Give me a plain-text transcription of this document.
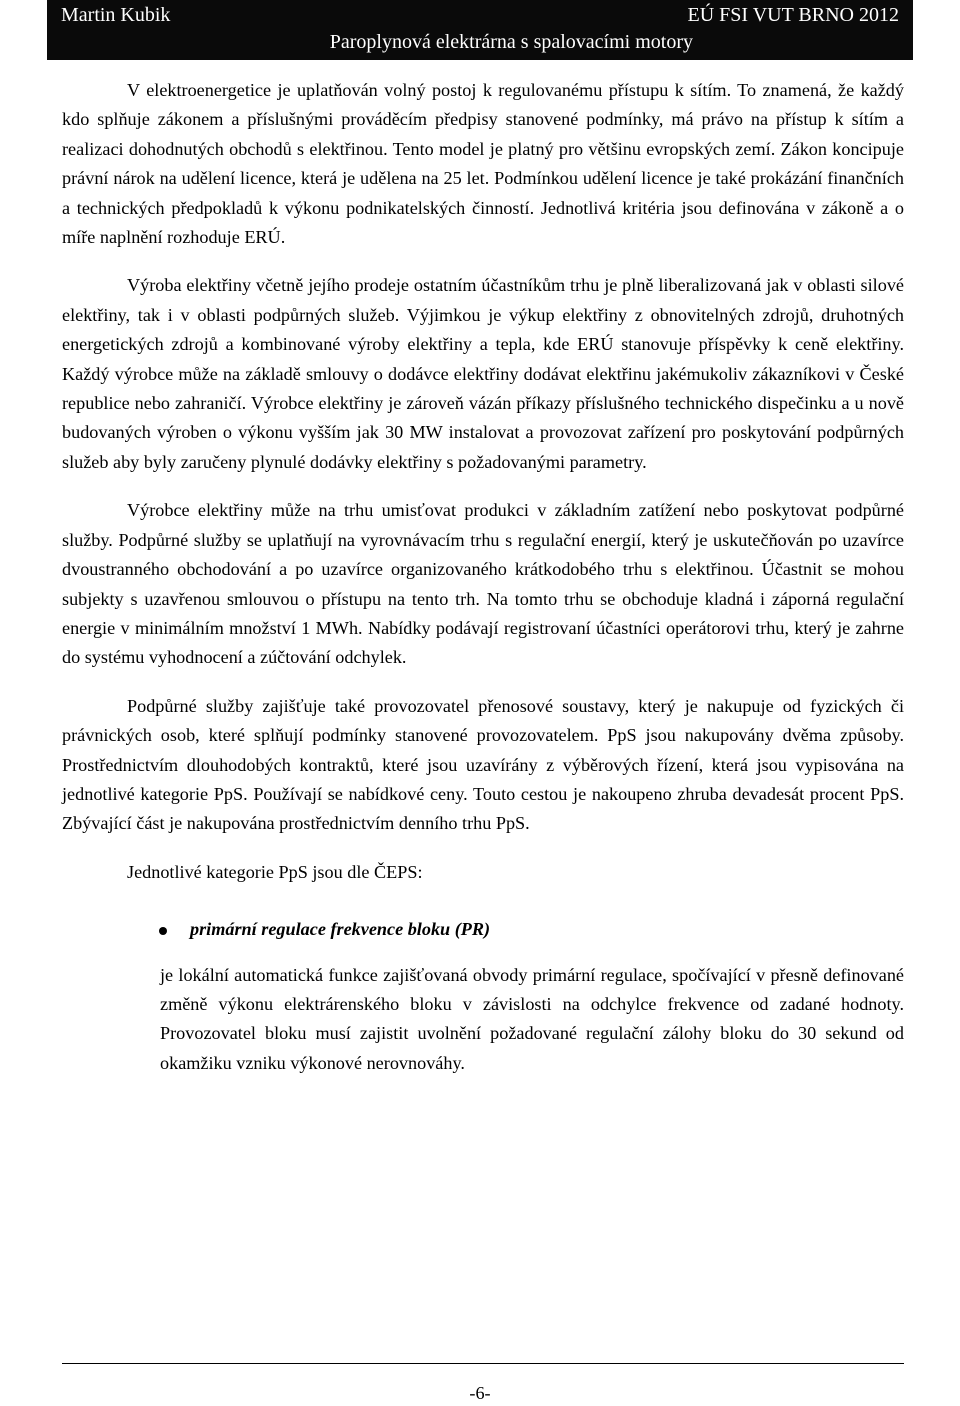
Martin Kubik	EÚ FSI VUT BRNO 2012
Paroplynová elektrárna s spalovacími motory

V elektroenergetice je uplatňován volný postoj k regulovanému přístupu k sítím. To znamená, že každý kdo splňuje zákonem a příslušnými prováděcím předpisy stanovené podmínky, má právo na přístup k sítím a realizaci dohodnutých obchodů s elektřinou. Tento model je platný pro většinu evropských zemí. Zákon koncipuje právní nárok na udělení licence, která je udělena na 25 let. Podmínkou udělení licence je také prokázání finančních a technických předpokladů k výkonu podnikatelských činností. Jednotlivá kritéria jsou definována v zákoně a o míře naplnění rozhoduje ERÚ.

Výroba elektřiny včetně jejího prodeje ostatním účastníkům trhu je plně liberalizovaná jak v oblasti silové elektřiny, tak i v oblasti podpůrných služeb. Výjimkou je výkup elektřiny z obnovitelných zdrojů, druhotných energetických zdrojů a kombinované výroby elektřiny a tepla, kde ERÚ stanovuje příspěvky k ceně elektřiny. Každý výrobce může na základě smlouvy o dodávce elektřiny dodávat elektřinu jakémukoliv zákazníkovi v České republice nebo zahraničí. Výrobce elektřiny je zároveň vázán příkazy příslušného technického dispečinku a u nově budovaných výroben o výkonu vyšším jak 30 MW instalovat a provozovat zařízení pro poskytování podpůrných služeb aby byly zaručeny plynulé dodávky elektřiny s požadovanými parametry.

Výrobce elektřiny může na trhu umisťovat produkci v základním zatížení nebo poskytovat podpůrné služby. Podpůrné služby se uplatňují na vyrovnávacím trhu s regulační energií, který je uskutečňován po uzavírce dvoustranného obchodování a po uzavírce organizovaného krátkodobého trhu s elektřinou. Účastnit se mohou subjekty s uzavřenou smlouvou o přístupu na tento trh. Na tomto trhu se obchoduje kladná i záporná regulační energie v minimálním množství 1 MWh. Nabídky podávají registrovaní účastníci operátorovi trhu, který je zahrne do systému vyhodnocení a zúčtování odchylek.

Podpůrné služby zajišťuje také provozovatel přenosové soustavy, který je nakupuje od fyzických či právnických osob, které splňují podmínky stanovené provozovatelem. PpS jsou nakupovány dvěma způsoby. Prostřednictvím dlouhodobých kontraktů, které jsou uzavírány z výběrových řízení, která jsou vypisována na jednotlivé kategorie PpS. Používají se nabídkové ceny. Touto cestou je nakoupeno zhruba devadesát procent PpS. Zbývající část je nakupována prostřednictvím denního trhu PpS.

Jednotlivé kategorie PpS jsou dle ČEPS:

primární regulace frekvence bloku (PR)

je lokální automatická funkce zajišťovaná obvody primární regulace, spočívající v přesně definované změně výkonu elektrárenského bloku v závislosti na odchylce frekvence od zadané hodnoty. Provozovatel bloku musí zajistit uvolnění požadované regulační zálohy bloku do 30 sekund od okamžiku vzniku výkonové nerovnováhy.

-6-
